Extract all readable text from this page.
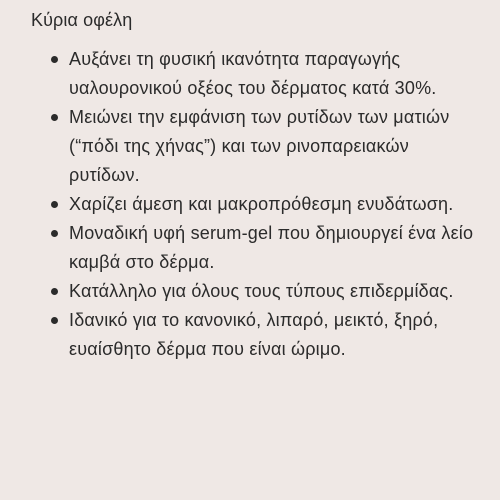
Κύρια οφέλη
Αυξάνει τη φυσική ικανότητα παραγωγής υαλουρονικού οξέος του δέρματος κατά 30%.
Μειώνει την εμφάνιση των ρυτίδων των ματιών (“πόδι της χήνας”) και των ρινοπαρειακών ρυτίδων.
Χαρίζει άμεση και μακροπρόθεσμη ενυδάτωση.
Μοναδική υφή serum-gel που δημιουργεί ένα λείο καμβά στο δέρμα.
Κατάλληλο για όλους τους τύπους επιδερμίδας.
Ιδανικό για το κανονικό, λιπαρό, μεικτό, ξηρό, ευαίσθητο δέρμα που είναι ώριμο.
